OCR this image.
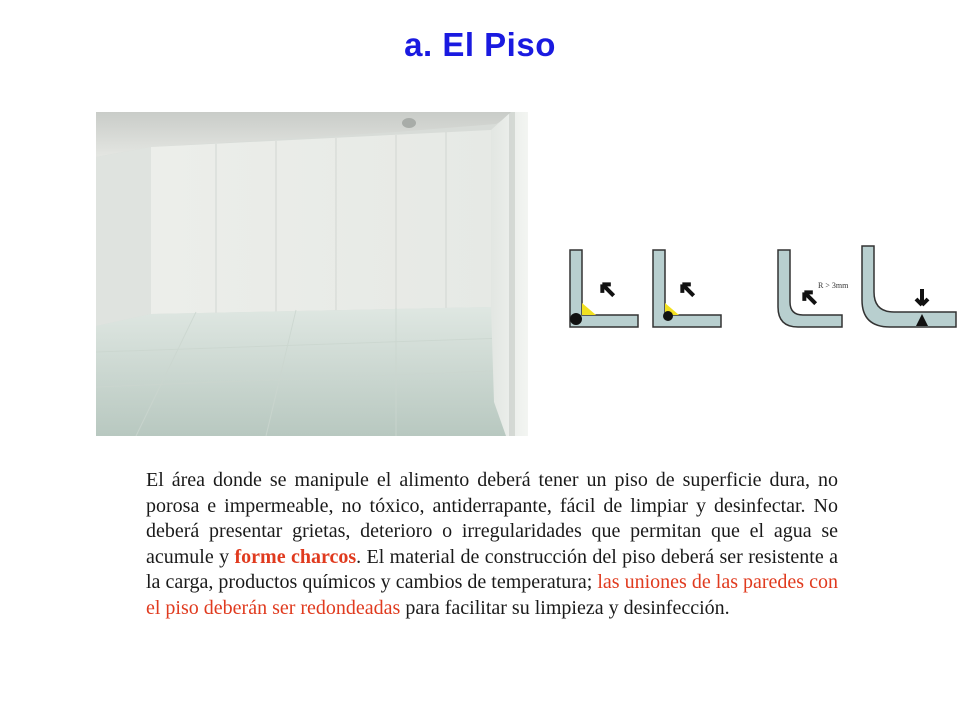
a. El Piso
R > 3mm
El área donde se manipule el alimento deberá tener un piso de superficie dura, no porosa e impermeable, no tóxico, antiderrapante, fácil de limpiar y desinfectar. No deberá presentar grietas, deterioro o irregularidades que permitan que el agua se acumule y forme charcos. El material de construcción del piso deberá ser resistente a la carga, productos químicos y cambios de temperatura; las uniones de las paredes con el piso deberán ser redondeadas para facilitar su limpieza y desinfección.
